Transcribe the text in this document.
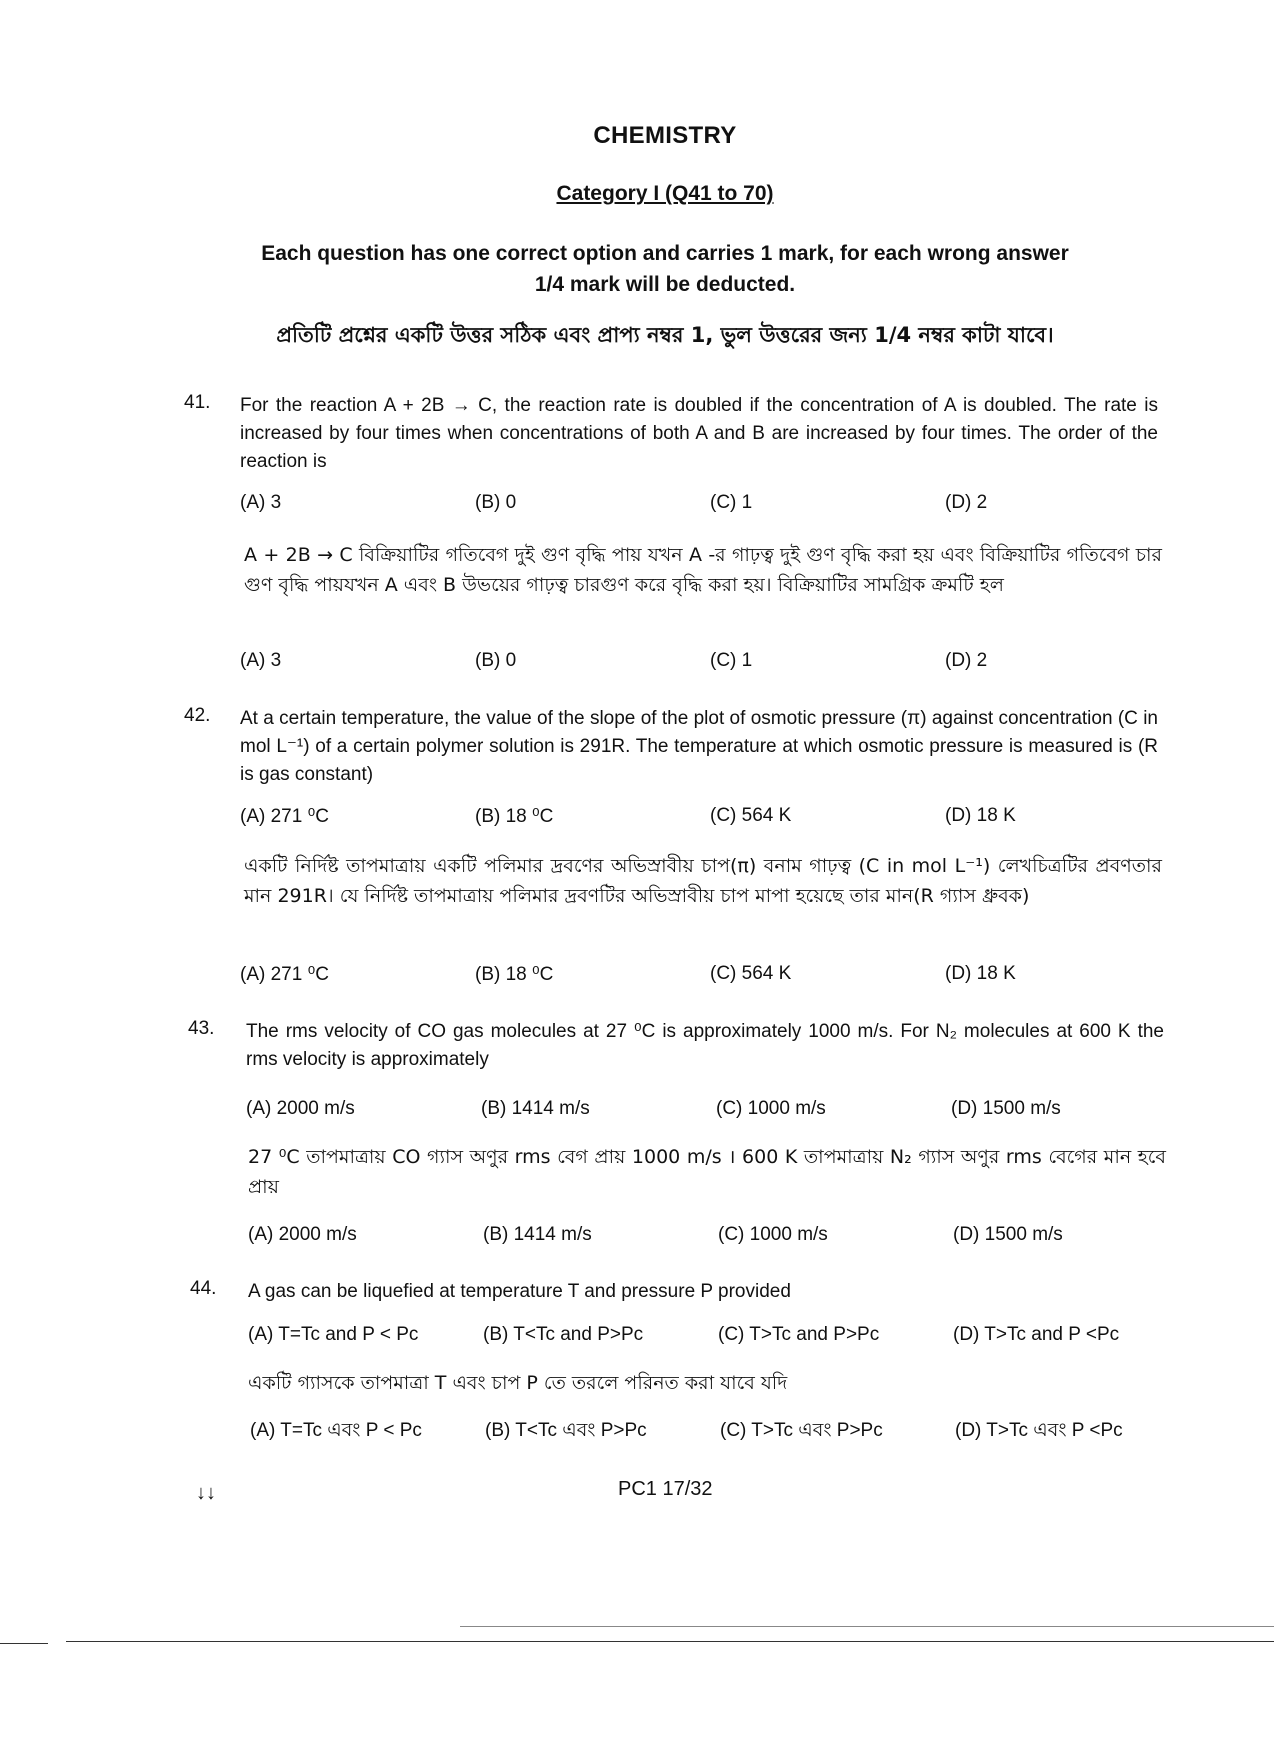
CHEMISTRY
Category I (Q41 to 70)
Each question has one correct option and carries 1 mark, for each wrong answer 1/4 mark will be deducted.
প্রতিটি প্রশ্নের একটি উত্তর সঠিক এবং প্রাপ্য নম্বর 1, ভুল উত্তরের জন্য 1/4 নম্বর কাটা যাবে।
41. For the reaction A + 2B → C, the reaction rate is doubled if the concentration of A is doubled. The rate is increased by four times when concentrations of both A and B are increased by four times. The order of the reaction is
(A) 3	(B) 0	(C) 1	(D) 2
A + 2B → C বিক্রিয়াটির গতিবেগ দুই গুণ বৃদ্ধি পায় যখন A -র গাঢ়ত্ব দুই গুণ বৃদ্ধি করা হয় এবং বিক্রিয়াটির গতিবেগ চার গুণ বৃদ্ধি পায়যখন A এবং B উভয়ের গাঢ়ত্ব চারগুণ করে বৃদ্ধি করা হয়। বিক্রিয়াটির সামগ্রিক ক্রমটি হল
(A) 3	(B) 0	(C) 1	(D) 2
42. At a certain temperature, the value of the slope of the plot of osmotic pressure (π) against concentration (C in mol L⁻¹) of a certain polymer solution is 291R. The temperature at which osmotic pressure is measured is (R is gas constant)
(A) 271 ⁰C	(B) 18 ⁰C	(C) 564 K	(D) 18 K
একটি নির্দিষ্ট তাপমাত্রায় একটি পলিমার দ্রবণের অভিস্রাবীয় চাপ(π) বনাম গাঢ়ত্ব (C in mol L⁻¹) লেখচিত্রটির প্রবণতার মান 291R। যে নির্দিষ্ট তাপমাত্রায় পলিমার দ্রবণটির অভিস্রাবীয় চাপ মাপা হয়েছে তার মান(R গ্যাস ধ্রুবক)
(A) 271 ⁰C	(B) 18 ⁰C	(C) 564 K	(D) 18 K
43. The rms velocity of CO gas molecules at 27 ⁰C is approximately 1000 m/s. For N₂ molecules at 600 K the rms velocity is approximately
(A) 2000 m/s	(B) 1414 m/s	(C) 1000 m/s	(D) 1500 m/s
27 ⁰C তাপমাত্রায় CO গ্যাস অণুর rms বেগ প্রায় 1000 m/s । 600 K তাপমাত্রায় N₂ গ্যাস অণুর rms বেগের মান হবে প্রায়
(A) 2000 m/s	(B) 1414 m/s	(C) 1000 m/s	(D) 1500 m/s
44. A gas can be liquefied at temperature T and pressure P provided
(A) T=Tc and P < Pc	(B) T<Tc and P>Pc	(C) T>Tc and P>Pc	(D) T>Tc and P <Pc
একটি গ্যাসকে তাপমাত্রা T এবং চাপ P তে তরলে পরিনত করা যাবে যদি
(A) T=Tc এবং P < Pc	(B) T<Tc এবং P>Pc	(C) T>Tc এবং P>Pc	(D) T>Tc এবং P <Pc
↓↓	PC1 17/32
